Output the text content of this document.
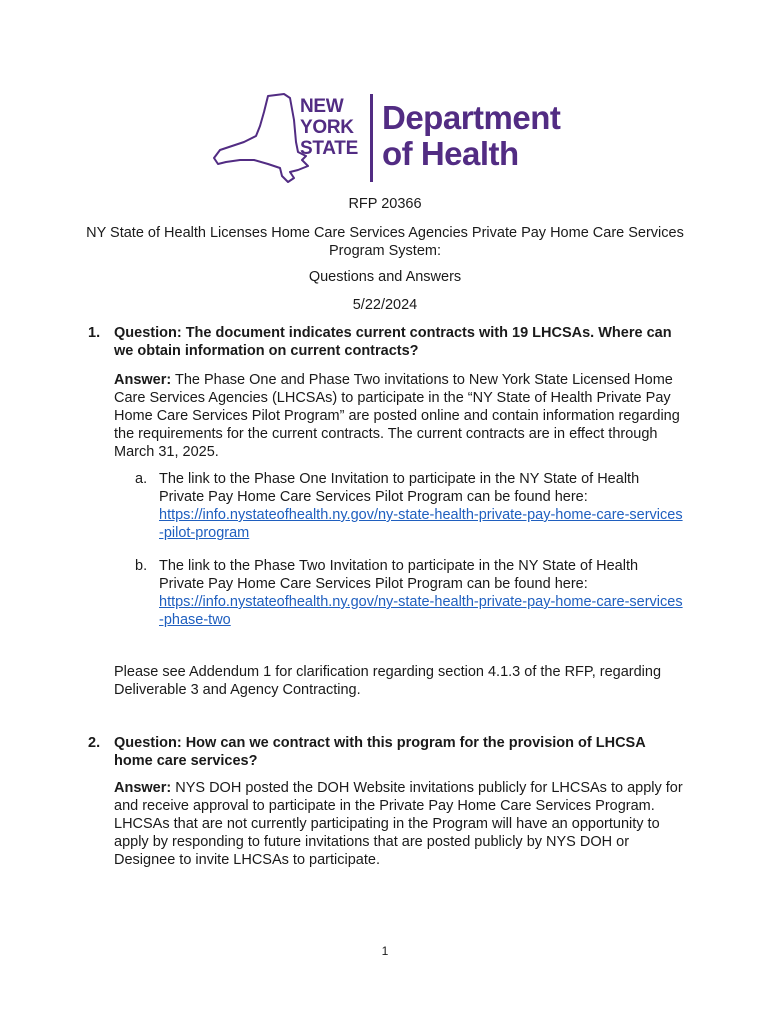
NEW
YORK
STATE
Department
of Health
RFP 20366
NY State of Health Licenses Home Care Services Agencies Private Pay Home Care Services Program System:
Questions and Answers
5/22/2024
1. Question: The document indicates current contracts with 19 LHCSAs. Where can we obtain information on current contracts?
Answer: The Phase One and Phase Two invitations to New York State Licensed Home Care Services Agencies (LHCSAs) to participate in the “NY State of Health Private Pay Home Care Services Pilot Program” are posted online and contain information regarding the requirements for the current contracts. The current contracts are in effect through March 31, 2025.
a. The link to the Phase One Invitation to participate in the NY State of Health Private Pay Home Care Services Pilot Program can be found here:
https://info.nystateofhealth.ny.gov/ny-state-health-private-pay-home-care-services-pilot-program
b. The link to the Phase Two Invitation to participate in the NY State of Health Private Pay Home Care Services Pilot Program can be found here:
https://info.nystateofhealth.ny.gov/ny-state-health-private-pay-home-care-services-phase-two
Please see Addendum 1 for clarification regarding section 4.1.3 of the RFP, regarding Deliverable 3 and Agency Contracting.
2. Question: How can we contract with this program for the provision of LHCSA home care services?
Answer: NYS DOH posted the DOH Website invitations publicly for LHCSAs to apply for and receive approval to participate in the Private Pay Home Care Services Program. LHCSAs that are not currently participating in the Program will have an opportunity to apply by responding to future invitations that are posted publicly by NYS DOH or Designee to invite LHCSAs to participate.
1
